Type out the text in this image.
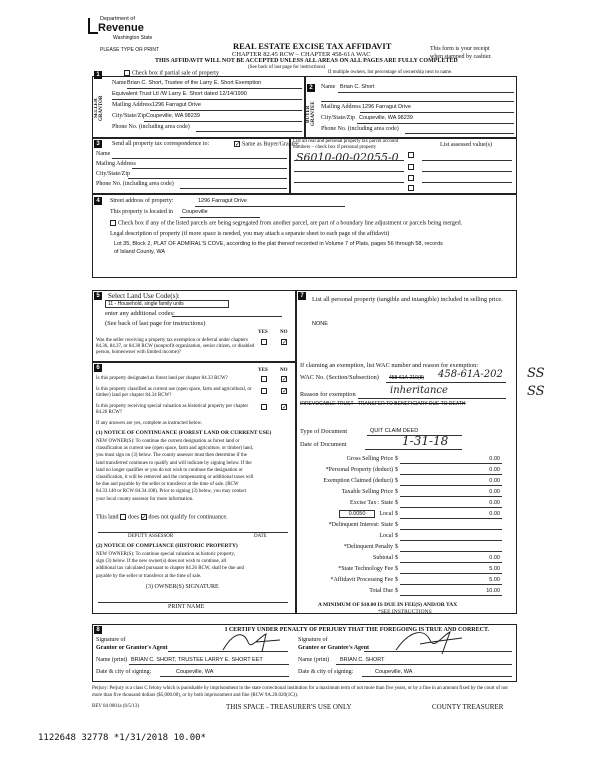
Department of
Revenue
Washington State
PLEASE TYPE OR PRINT	REAL ESTATE EXCISE TAX AFFIDAVIT
CHAPTER 82.45 RCW – CHAPTER 458-61A WAC
THIS AFFIDAVIT WILL NOT BE ACCEPTED UNLESS ALL AREAS ON ALL PAGES ARE FULLY COMPLETED
(See back of last page for instructions)
This form is your receipt
when stamped by cashier.
1	Check box if partial sale of property
SELLER GRANTOR
Name Brian C. Short, Trustee of the Larry E. Short Exemption
Equivalent Trust Ltl /W Larry E. Short dated 12/14/1990
Mailing Address 1296 Farragut Drive
City/State/Zip Coupeville, WA 98239
Phone No. (including area code)
2
If multiple owners, list percentage of ownership next to name.
BUYER GRANTEE
Name Brian C. Short
Mailing Address 1296 Farragut Drive
City/State/Zip Coupeville, WA 98239
Phone No. (including area code)
3	Send all property tax correspondence to:	✓ Same as Buyer/Grantee
Name
Mailing Address
City/State/Zip
Phone No. (including area code)
List all real and personal property tax parcel account numbers – check box if personal property	List assessed value(s)
S6010-00-02055-0
4	Street address of property:	1296 Farragut Drive
This property is located in Coupeville
Check box if any of the listed parcels are being segregated from another parcel, are part of a boundary line adjustment or parcels being merged.
Legal description of property (if more space is needed, you may attach a separate sheet to each page of the affidavit)
Lot 35, Block 2, PLAT OF ADMIRAL'S COVE, according to the plat thereof recorded in Volume 7 of Plats, pages 56 through 58, records
of Island County, WA
5	Select Land Use Code(s):
11 - Household, single family units
enter any additional codes:
(See back of last page for instructions)
YES NO
Was the seller receiving a property tax exemption or deferral under chapters 84.36, 84.37, or 84.38 RCW (nonprofit organization, senior citizen, or disabled person, homeowner with limited income)?
✓
6	YES NO
Is this property designated as forest land per chapter 84.33 RCW?	✓
Is this property classified as current use (open space, farm and agricultural, or timber) land per chapter 84.34 RCW?
✓
Is this property receiving special valuation as historical property per chapter 84.26 RCW?
✓
If any answers are yes, complete as instructed below.
(1) NOTICE OF CONTINUANCE (FOREST LAND OR CURRENT USE)
NEW OWNER(S): To continue the current designation as forest land or
classification as current use (open space, farm and agriculture, or timber) land,
you must sign on (3) below. The county assessor must then determine if the
land transferred continues to qualify and will indicate by signing below. If the
land no longer qualifies or you do not wish to continue the designation or
classification, it will be removed and the compensating or additional taxes will
be due and payable by the seller or transferor at the time of sale. (RCW
84.33.140 or RCW 84.34.108). Prior to signing (3) below, you may contact
your local county assessor for more information.
This land does ✓ does not qualify for continuance.
DEPUTY ASSESSOR	DATE
(2) NOTICE OF COMPLIANCE (HISTORIC PROPERTY)
NEW OWNER(S): To continue special valuation as historic property,
sign (3) below. If the new owner(s) does not wish to continue, all
additional tax calculated pursuant to chapter 84.26 RCW, shall be due and
payable by the seller or transferor at the time of sale.
(3) OWNER(S) SIGNATURE
PRINT NAME
7	List all personal property (tangible and intangible) included in selling price.
NONE
If claiming an exemption, list WAC number and reason for exemption:
WAC No. (Section/Subsection) 458-61A-210(8) 458-61A-202 SS
Reason for exemption	inheritance	SS
IRREVOCABLE TRUST - TRANSFER TO BENEFICIARY DUE TO DEATH
Type of Document	QUIT CLAIM DEED
Date of Document	1-31-18
Gross Selling Price $	0.00
*Personal Property (deduct) $	0.00
Exemption Claimed (deduct) $	0.00
Taxable Selling Price $	0.00
Excise Tax : State $	0.00
0.0050	Local $	0.00
*Delinquent Interest: State $
Local $
*Delinquent Penalty $
Subtotal $	0.00
*State Technology Fee $	5.00
*Affidavit Processing Fee $	5.00
Total Due $	10.00
A MINIMUM OF $10.00 IS DUE IN FEE(S) AND/OR TAX
*SEE INSTRUCTIONS
8	I CERTIFY UNDER PENALTY OF PERJURY THAT THE FOREGOING IS TRUE AND CORRECT.
Signature of
Grantor or Grantor's Agent
Signature of
Grantee or Grantee's Agent
Name (print) BRIAN C. SHORT, TRUSTEE LARRY E. SHORT EET	Name (print) BRIAN C. SHORT
Date & city of signing:	Coupeville, WA	Date & city of signing:	Coupeville, WA
Perjury: Perjury is a class C felony which is punishable by imprisonment in the state correctional institution for a maximum term of not more than five years, or by a fine in an amount fixed by the court of not more than five thousand dollars ($5,000.00), or by both imprisonment and fine (RCW 9A.20.020(1C)).
REV 84 0001a (6/5/13)	THIS SPACE - TREASURER'S USE ONLY	COUNTY TREASURER
1122648 32778 *1/31/2018 10.00*
